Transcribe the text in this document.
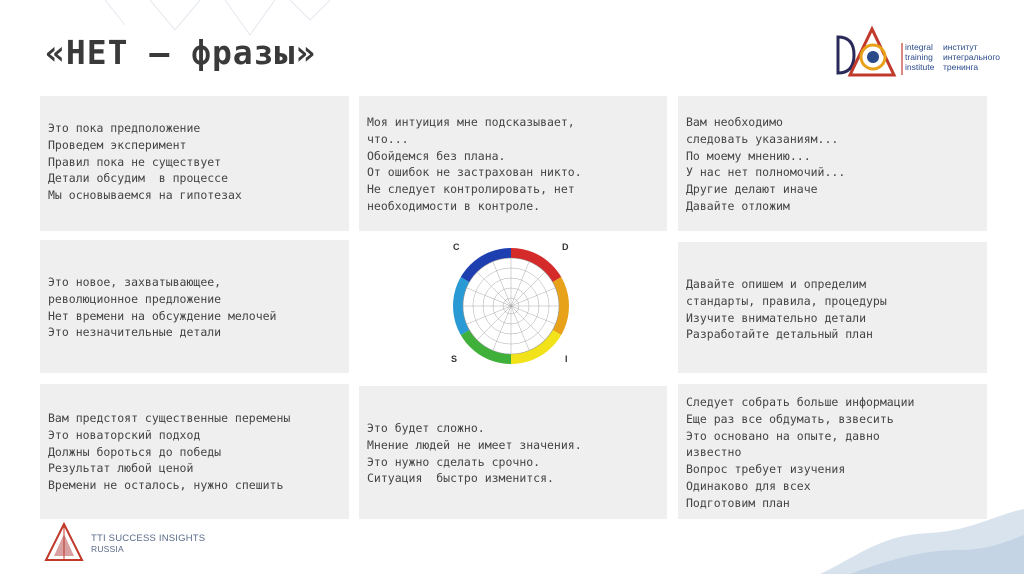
«НЕТ – фразы»	integral
training
institute
институт
интегрального
тренинга
Это пока предположение
Проведем эксперимент
Правил пока не существует
Детали обсудим  в процессе
Мы основываемся на гипотезах
Моя интуиция мне подсказывает,
что...
Обойдемся без плана.
От ошибок не застрахован никто.
Не следует контролировать, нет
необходимости в контроле.
Вам необходимо
следовать указаниям...
По моему мнению...
У нас нет полномочий...
Другие делают иначе
Давайте отложим
Это новое, захватывающее,
революционное предложение
Нет времени на обсуждение мелочей
Это незначительные детали
C	D
S	I
Давайте опишем и определим
стандарты, правила, процедуры
Изучите внимательно детали
Разработайте детальный план
Вам предстоят существенные перемены
Это новаторский подход
Должны бороться до победы
Результат любой ценой
Времени не осталось, нужно спешить
Это будет сложно.
Мнение людей не имеет значения.
Это нужно сделать срочно.
Ситуация  быстро изменится.
Следует собрать больше информации
Еще раз все обдумать, взвесить
Это основано на опыте, давно
известно
Вопрос требует изучения
Одинаково для всех
Подготовим план
TTI SUCCESS INSIGHTS
RUSSIA
